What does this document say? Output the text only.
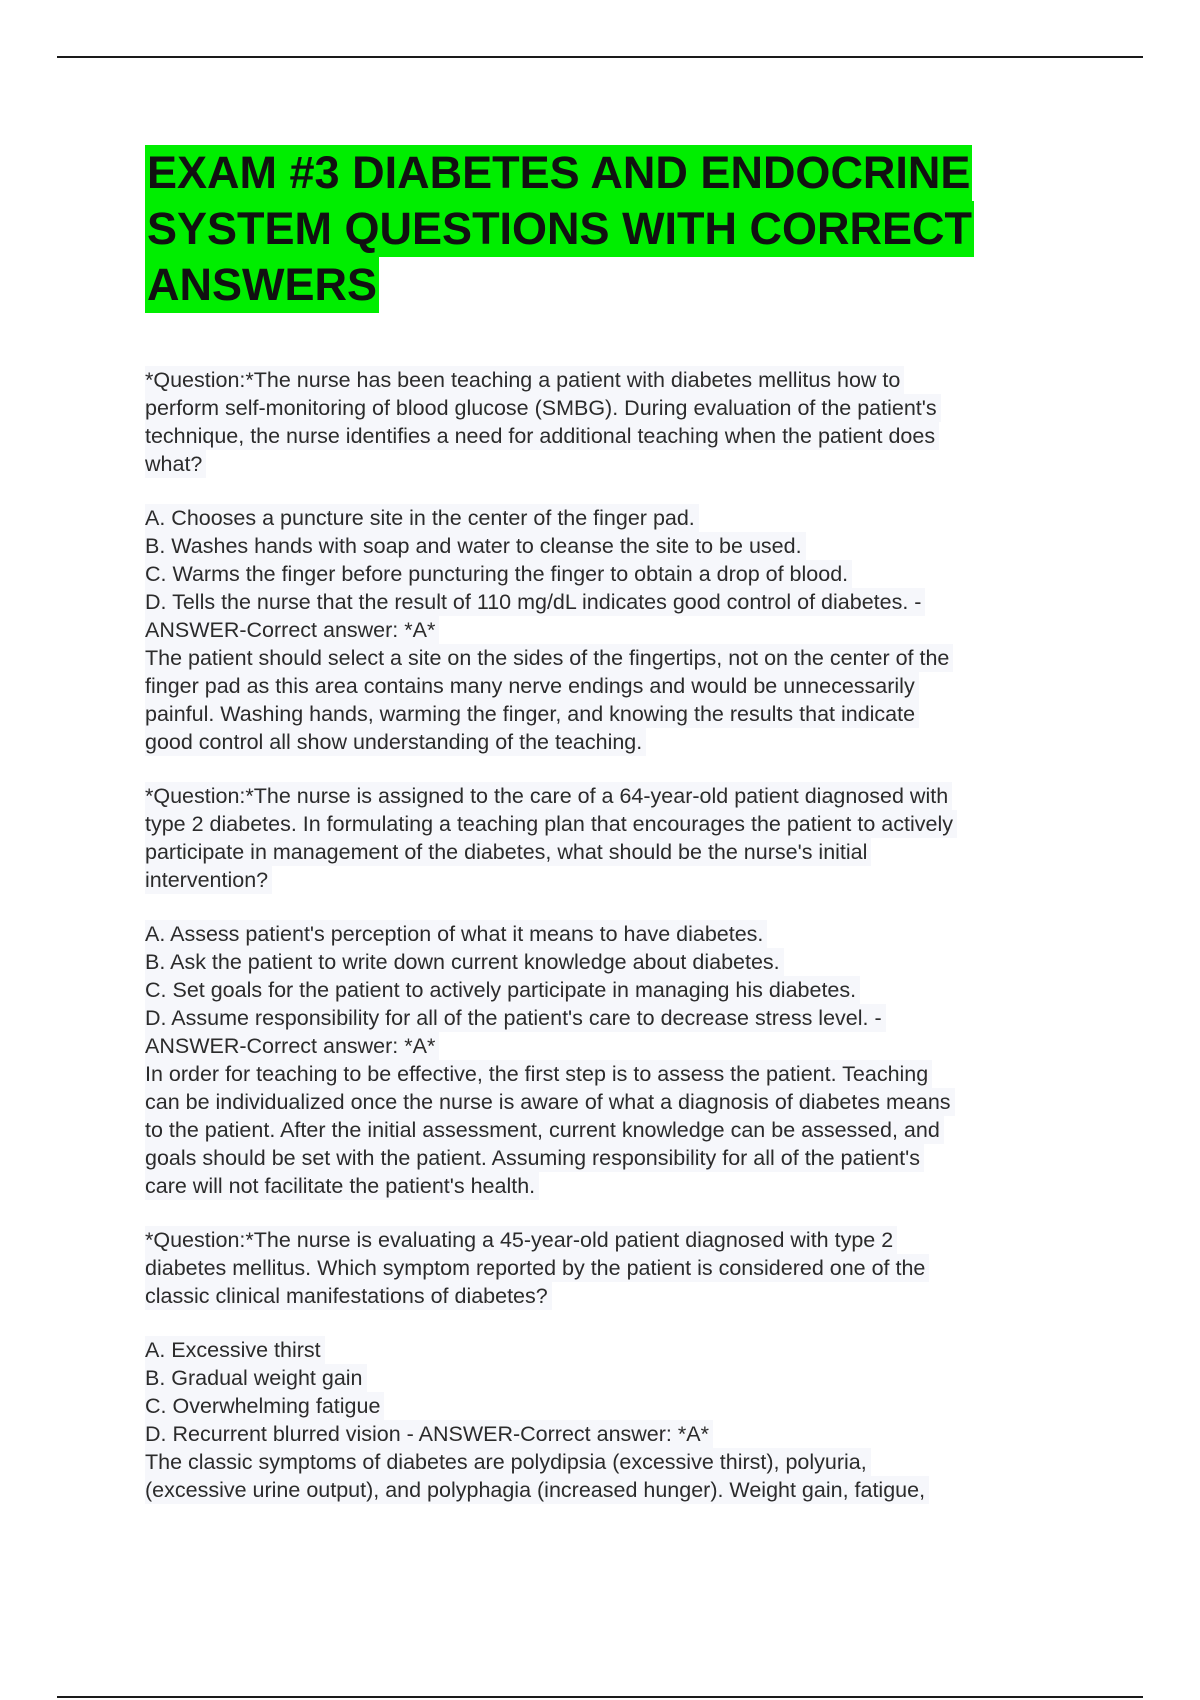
EXAM #3 DIABETES AND ENDOCRINE
SYSTEM QUESTIONS WITH CORRECT
ANSWERS
*Question:*The nurse has been teaching a patient with diabetes mellitus how to
perform self-monitoring of blood glucose (SMBG). During evaluation of the patient's
technique, the nurse identifies a need for additional teaching when the patient does
what?
A. Chooses a puncture site in the center of the finger pad.
B. Washes hands with soap and water to cleanse the site to be used.
C. Warms the finger before puncturing the finger to obtain a drop of blood.
D. Tells the nurse that the result of 110 mg/dL indicates good control of diabetes. -
ANSWER-Correct answer: *A*
The patient should select a site on the sides of the fingertips, not on the center of the
finger pad as this area contains many nerve endings and would be unnecessarily
painful. Washing hands, warming the finger, and knowing the results that indicate
good control all show understanding of the teaching.
*Question:*The nurse is assigned to the care of a 64-year-old patient diagnosed with
type 2 diabetes. In formulating a teaching plan that encourages the patient to actively
participate in management of the diabetes, what should be the nurse's initial
intervention?
A. Assess patient's perception of what it means to have diabetes.
B. Ask the patient to write down current knowledge about diabetes.
C. Set goals for the patient to actively participate in managing his diabetes.
D. Assume responsibility for all of the patient's care to decrease stress level. -
ANSWER-Correct answer: *A*
In order for teaching to be effective, the first step is to assess the patient. Teaching
can be individualized once the nurse is aware of what a diagnosis of diabetes means
to the patient. After the initial assessment, current knowledge can be assessed, and
goals should be set with the patient. Assuming responsibility for all of the patient's
care will not facilitate the patient's health.
*Question:*The nurse is evaluating a 45-year-old patient diagnosed with type 2
diabetes mellitus. Which symptom reported by the patient is considered one of the
classic clinical manifestations of diabetes?
A. Excessive thirst
B. Gradual weight gain
C. Overwhelming fatigue
D. Recurrent blurred vision - ANSWER-Correct answer: *A*
The classic symptoms of diabetes are polydipsia (excessive thirst), polyuria,
(excessive urine output), and polyphagia (increased hunger). Weight gain, fatigue,
